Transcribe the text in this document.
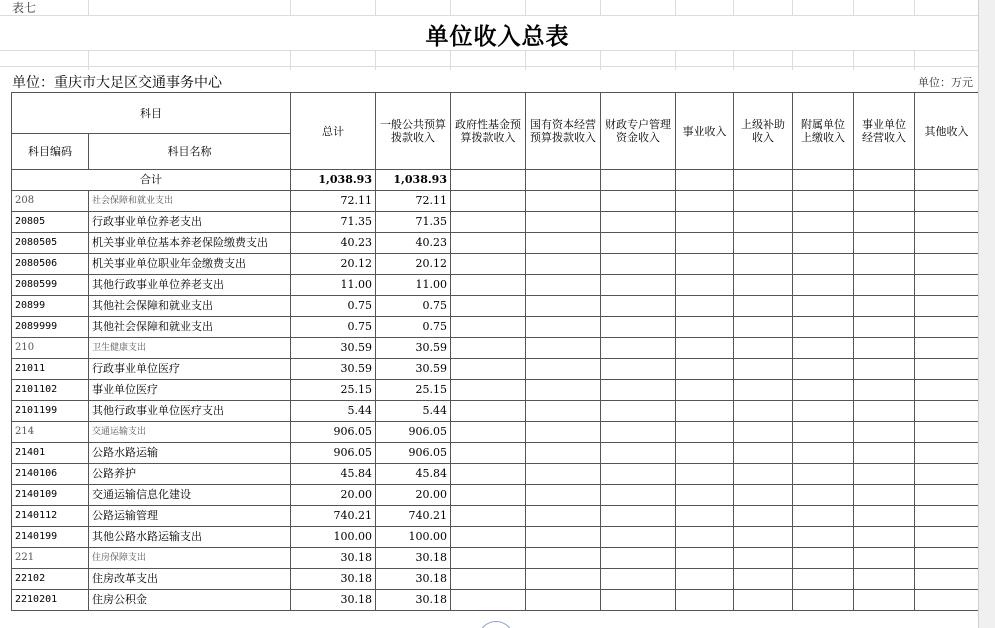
表七
单位收入总表
单位：重庆市大足区交通事务中心	单位：万元
科目		总计	一般公共预算拨款收入	政府性基金预算拨款收入	国有资本经营预算拨款收入	财政专户管理资金收入	事业收入	上级补助收入	附属单位上缴收入	事业单位经营收入	其他收入
科目编码	科目名称										
合计		1,038.93	1,038.93								
208	社会保障和就业支出	72.11	72.11								
20805	行政事业单位养老支出	71.35	71.35								
2080505	机关事业单位基本养老保险缴费支出	40.23	40.23								
2080506	机关事业单位职业年金缴费支出	20.12	20.12								
2080599	其他行政事业单位养老支出	11.00	11.00								
20899	其他社会保障和就业支出	0.75	0.75								
2089999	其他社会保障和就业支出	0.75	0.75								
210	卫生健康支出	30.59	30.59								
21011	行政事业单位医疗	30.59	30.59								
2101102	事业单位医疗	25.15	25.15								
2101199	其他行政事业单位医疗支出	5.44	5.44								
214	交通运输支出	906.05	906.05								
21401	公路水路运输	906.05	906.05								
2140106	公路养护	45.84	45.84								
2140109	交通运输信息化建设	20.00	20.00								
2140112	公路运输管理	740.21	740.21								
2140199	其他公路水路运输支出	100.00	100.00								
221	住房保障支出	30.18	30.18								
22102	住房改革支出	30.18	30.18								
2210201	住房公积金	30.18	30.18								
